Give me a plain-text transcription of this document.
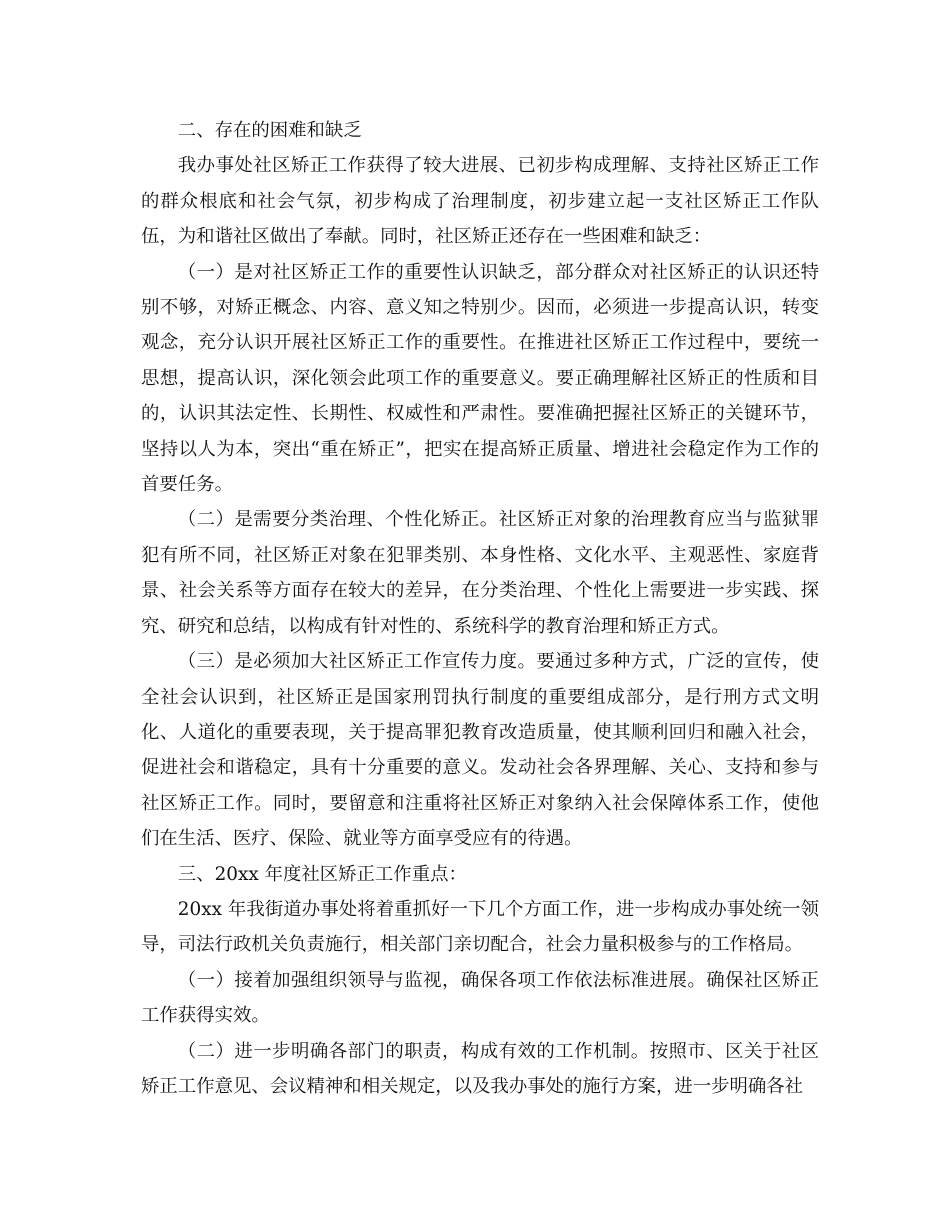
二、存在的困难和缺乏

我办事处社区矫正工作获得了较大进展、已初步构成理解、支持社区矫正工作的群众根底和社会气氛，初步构成了治理制度，初步建立起一支社区矫正工作队伍，为和谐社区做出了奉献。同时，社区矫正还存在一些困难和缺乏：

（一）是对社区矫正工作的重要性认识缺乏，部分群众对社区矫正的认识还特别不够，对矫正概念、内容、意义知之特别少。因而，必须进一步提高认识，转变观念，充分认识开展社区矫正工作的重要性。在推进社区矫正工作过程中，要统一思想，提高认识，深化领会此项工作的重要意义。要正确理解社区矫正的性质和目的，认识其法定性、长期性、权威性和严肃性。要准确把握社区矫正的关键环节，坚持以人为本，突出“重在矫正”，把实在提高矫正质量、增进社会稳定作为工作的首要任务。

（二）是需要分类治理、个性化矫正。社区矫正对象的治理教育应当与监狱罪犯有所不同，社区矫正对象在犯罪类别、本身性格、文化水平、主观恶性、家庭背景、社会关系等方面存在较大的差异，在分类治理、个性化上需要进一步实践、探究、研究和总结，以构成有针对性的、系统科学的教育治理和矫正方式。

（三）是必须加大社区矫正工作宣传力度。要通过多种方式，广泛的宣传，使全社会认识到，社区矫正是国家刑罚执行制度的重要组成部分，是行刑方式文明化、人道化的重要表现，关于提高罪犯教育改造质量，使其顺利回归和融入社会，促进社会和谐稳定，具有十分重要的意义。发动社会各界理解、关心、支持和参与社区矫正工作。同时，要留意和注重将社区矫正对象纳入社会保障体系工作，使他们在生活、医疗、保险、就业等方面享受应有的待遇。

三、20xx 年度社区矫正工作重点：

20xx 年我街道办事处将着重抓好一下几个方面工作，进一步构成办事处统一领导，司法行政机关负责施行，相关部门亲切配合，社会力量积极参与的工作格局。

（一）接着加强组织领导与监视，确保各项工作依法标准进展。确保社区矫正工作获得实效。

（二）进一步明确各部门的职责，构成有效的工作机制。按照市、区关于社区矫正工作意见、会议精神和相关规定，以及我办事处的施行方案，进一步明确各社
